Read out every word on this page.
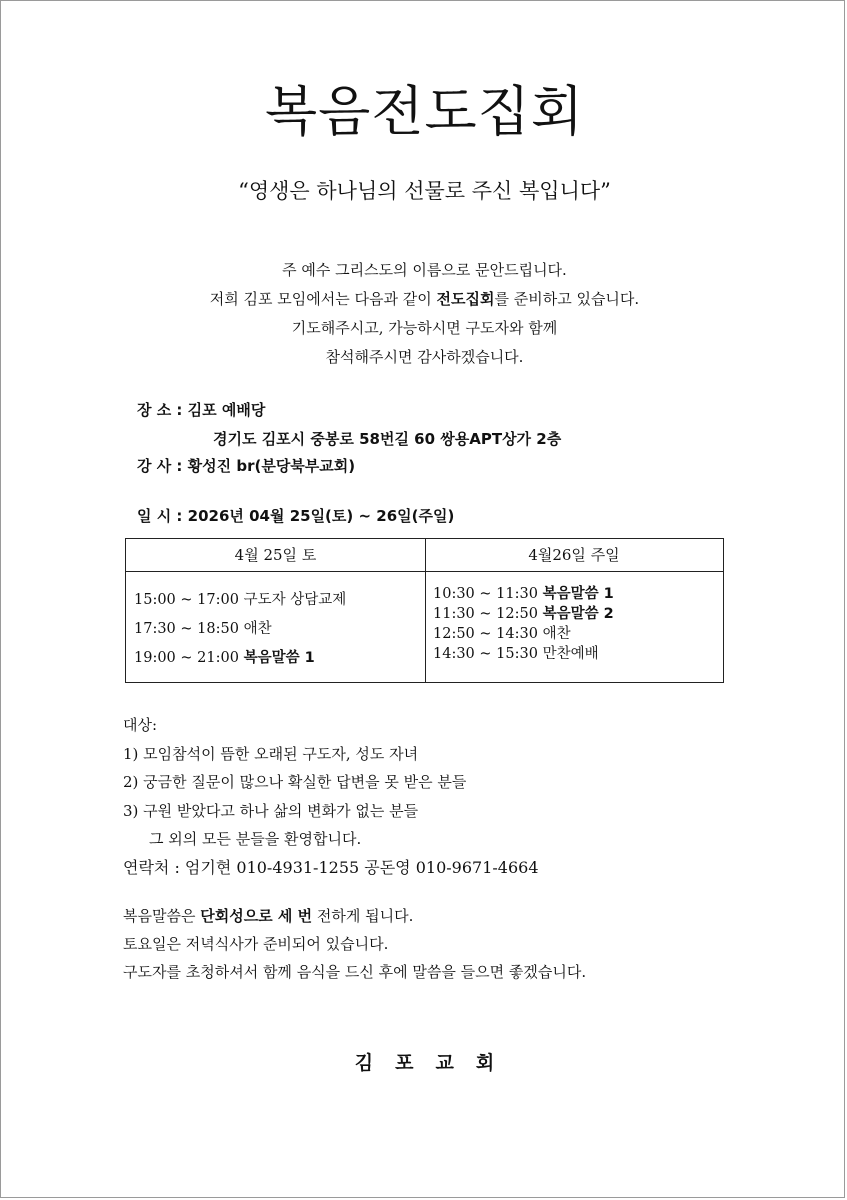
복음전도집회
“영생은 하나님의 선물로 주신 복입니다”
주 예수 그리스도의 이름으로 문안드립니다.
저희 김포 모임에서는 다음과 같이 전도집회를 준비하고 있습니다.
기도해주시고, 가능하시면 구도자와 함께
참석해주시면 감사하겠습니다.
장 소 : 김포 예배당
경기도 김포시 중봉로 58번길 60 쌍용APT상가 2층
강 사 : 황성진 br(분당북부교회)
일 시 : 2026년 04월 25일(토) ~ 26일(주일)
4월 25일 토
15:00 ~ 17:00 구도자 상담교제
17:30 ~ 18:50 애찬
19:00 ~ 21:00 복음말씀 1
4월26일 주일
10:30 ~ 11:30 복음말씀 1
11:30 ~ 12:50 복음말씀 2
12:50 ~ 14:30 애찬
14:30 ~ 15:30 만찬예배
대상:
1) 모임참석이 뜸한 오래된 구도자, 성도 자녀
2) 궁금한 질문이 많으나 확실한 답변을 못 받은 분들
3) 구원 받았다고 하나 삶의 변화가 없는 분들
그 외의 모든 분들을 환영합니다.
연락처 : 엄기현 010-4931-1255 공돈영 010-9671-4664
복음말씀은 단회성으로 세 번 전하게 됩니다.
토요일은 저녁식사가 준비되어 있습니다.
구도자를 초청하셔서 함께 음식을 드신 후에 말씀을 들으면 좋겠습니다.
김포교회
